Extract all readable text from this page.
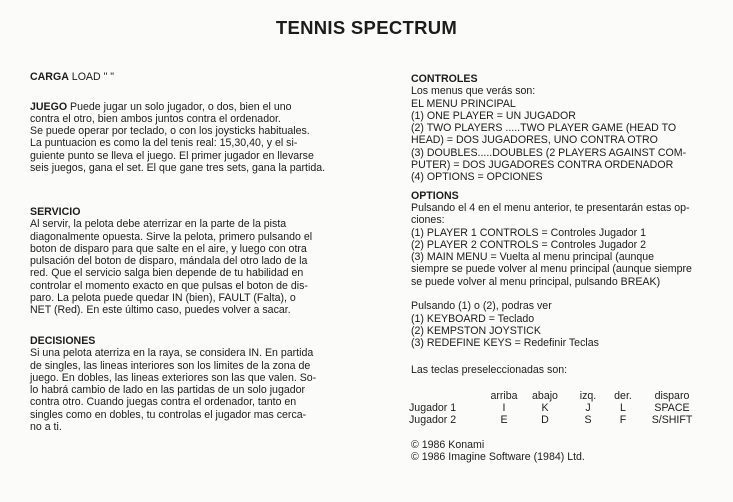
TENNIS SPECTRUM
CARGA LOAD " "
JUEGO Puede jugar un solo jugador, o dos, bien el uno
contra el otro, bien ambos juntos contra el ordenador.
Se puede operar por teclado, o con los joysticks habituales.
La puntuacion es como la del tenis real: 15,30,40, y el si-
guiente punto se lleva el juego. El primer jugador en llevarse
seis juegos, gana el set. El que gane tres sets, gana la partida.
SERVICIO
Al servir, la pelota debe aterrizar en la parte de la pista
diagonalmente opuesta. Sirve la pelota, primero pulsando el
boton de disparo para que salte en el aire, y luego con otra
pulsación del boton de disparo, mándala del otro lado de la
red. Que el servicio salga bien depende de tu habilidad en
controlar el momento exacto en que pulsas el boton de dis-
paro. La pelota puede quedar IN (bien), FAULT (Falta), o
NET (Red). En este último caso, puedes volver a sacar.
DECISIONES
Si una pelota aterriza en la raya, se considera IN. En partida
de singles, las lineas interiores son los limites de la zona de
juego. En dobles, las lineas exteriores son las que valen. So-
lo habrá cambio de lado en las partidas de un solo jugador
contra otro. Cuando juegas contra el ordenador, tanto en
singles como en dobles, tu controlas el jugador mas cerca-
no a ti.
CONTROLES
Los menus que verás son:
EL MENU PRINCIPAL
(1) ONE PLAYER = UN JUGADOR
(2) TWO PLAYERS .....TWO PLAYER GAME (HEAD TO
HEAD) = DOS JUGADORES, UNO CONTRA OTRO
(3) DOUBLES.....DOUBLES (2 PLAYERS AGAINST COM-
PUTER) = DOS JUGADORES CONTRA ORDENADOR
(4) OPTIONS = OPCIONES
OPTIONS
Pulsando el 4 en el menu anterior, te presentarán estas op-
ciones:
(1) PLAYER 1 CONTROLS = Controles Jugador 1
(2) PLAYER 2 CONTROLS = Controles Jugador 2
(3) MAIN MENU = Vuelta al menu principal (aunque
siempre se puede volver al menu principal (aunque siempre
se puede volver al menu principal, pulsando BREAK)
Pulsando (1) o (2), podras ver
(1) KEYBOARD = Teclado
(2) KEMPSTON JOYSTICK
(3) REDEFINE KEYS = Redefinir Teclas
Las teclas preseleccionadas son:
	arriba	abajo	izq.	der.	disparo
Jugador 1	I	K	J	L	SPACE
Jugador 2	E	D	S	F	S/SHIFT
© 1986 Konami
© 1986 Imagine Software (1984) Ltd.
